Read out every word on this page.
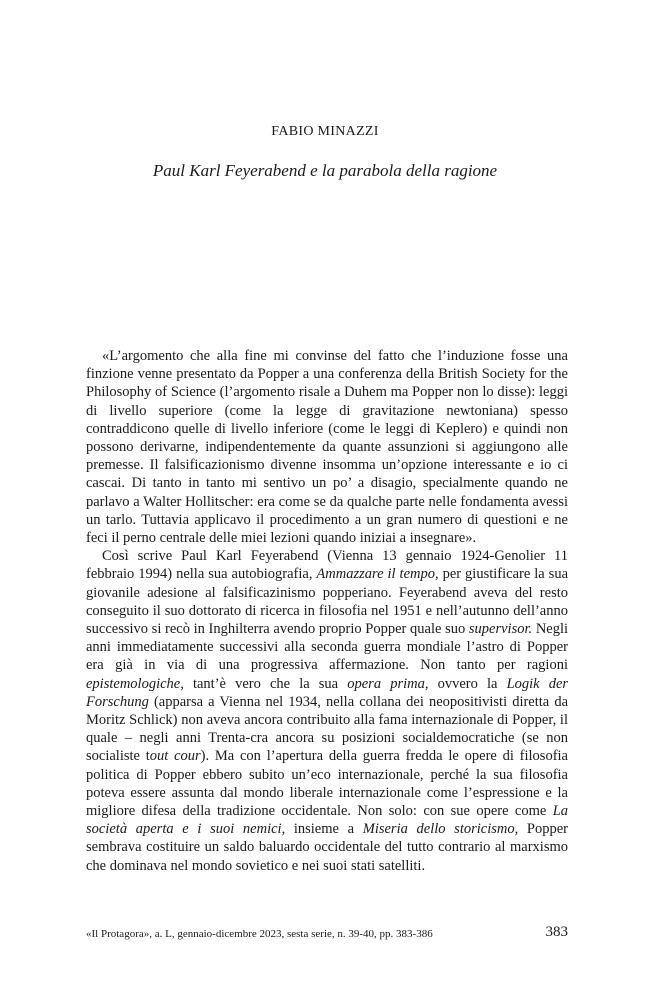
FABIO MINAZZI
Paul Karl Feyerabend e la parabola della ragione

«L’argomento che alla fine mi convinse del fatto che l’induzione fosse una finzione venne presentato da Popper a una conferenza della British Society for the Philosophy of Science (l’argomento risale a Duhem ma Popper non lo disse): leggi di livello superiore (come la legge di gravitazione newtoniana) spesso contraddicono quelle di livello inferiore (come le leggi di Keplero) e quindi non possono derivarne, indipendentemente da quante assunzioni si aggiungono alle premesse. Il falsificazionismo divenne insomma un’opzione interessante e io ci cascai. Di tanto in tanto mi sentivo un po’ a disagio, specialmente quando ne parlavo a Walter Hollitscher: era come se da qualche parte nelle fondamenta avessi un tarlo. Tuttavia applicavo il procedimento a un gran numero di questioni e ne feci il perno centrale delle miei lezioni quando iniziai a insegnare».

Così scrive Paul Karl Feyerabend (Vienna 13 gennaio 1924-Genolier 11 febbraio 1994) nella sua autobiografia, Ammazzare il tempo, per giustificare la sua giovanile adesione al falsificazinismo popperiano. Feyerabend aveva del resto conseguito il suo dottorato di ricerca in filosofia nel 1951 e nell’autunno dell’anno successivo si recò in Inghilterra avendo proprio Popper quale suo supervisor. Negli anni immediatamente successivi alla seconda guerra mondiale l’astro di Popper era già in via di una progressiva affermazione. Non tanto per ragioni epistemologiche, tant’è vero che la sua opera prima, ovvero la Logik der Forschung (apparsa a Vienna nel 1934, nella collana dei neopositivisti diretta da Moritz Schlick) non aveva ancora contribuito alla fama internazionale di Popper, il quale – negli anni Trenta-cra ancora su posizioni socialdemocratiche (se non socialiste tout cour). Ma con l’apertura della guerra fredda le opere di filosofia politica di Popper ebbero subito un’eco internazionale, perché la sua filosofia poteva essere assunta dal mondo liberale internazionale come l’espressione e la migliore difesa della tradizione occidentale. Non solo: con sue opere come La società aperta e i suoi nemici, insieme a Miseria dello storicismo, Popper sembrava costituire un saldo baluardo occidentale del tutto contrario al marxismo che dominava nel mondo sovietico e nei suoi stati satelliti.

«Il Protagora», a. L, gennaio-dicembre 2023, sesta serie, n. 39-40, pp. 383-386	383
